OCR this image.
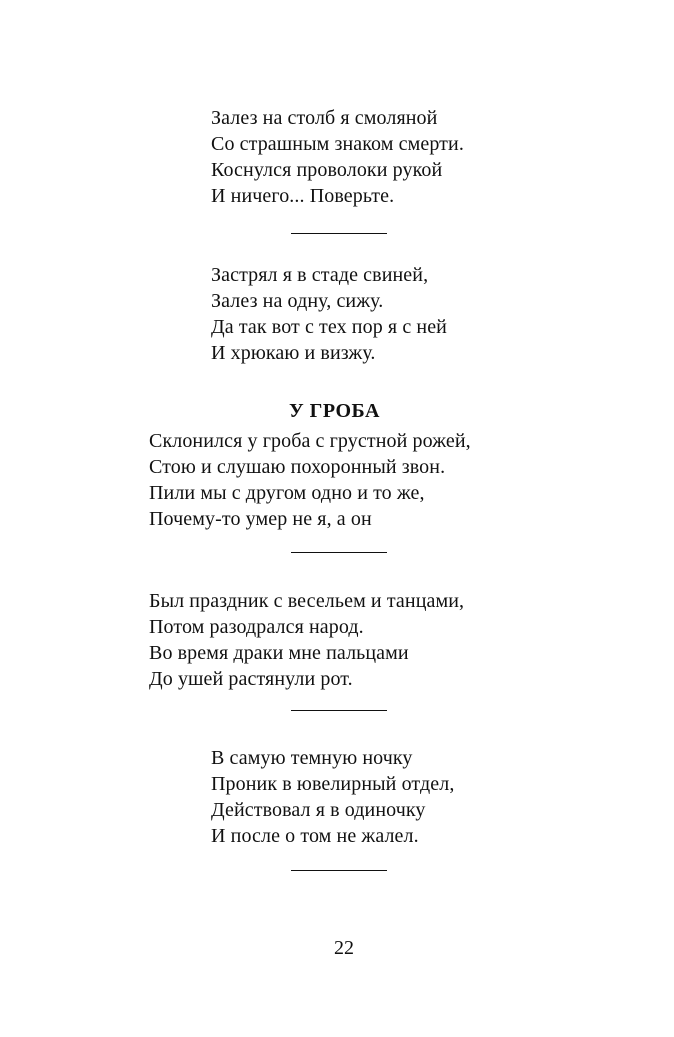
Залез на столб я смоляной
Со страшным знаком смерти.
Коснулся проволоки рукой
И ничего... Поверьте.
Застрял я в стаде свиней,
Залез на одну, сижу.
Да так вот с тех пор я с ней
И хрюкаю и визжу.
У ГРОБА
Склонился у гроба с грустной рожей,
Стою и слушаю похоронный звон.
Пили мы с другом одно и то же,
Почему-то умер не я, а он
Был праздник с весельем и танцами,
Потом разодрался народ.
Во время драки мне пальцами
До ушей растянули рот.
В самую темную ночку
Проник в ювелирный отдел,
Действовал я в одиночку
И после о том не жалел.
22
